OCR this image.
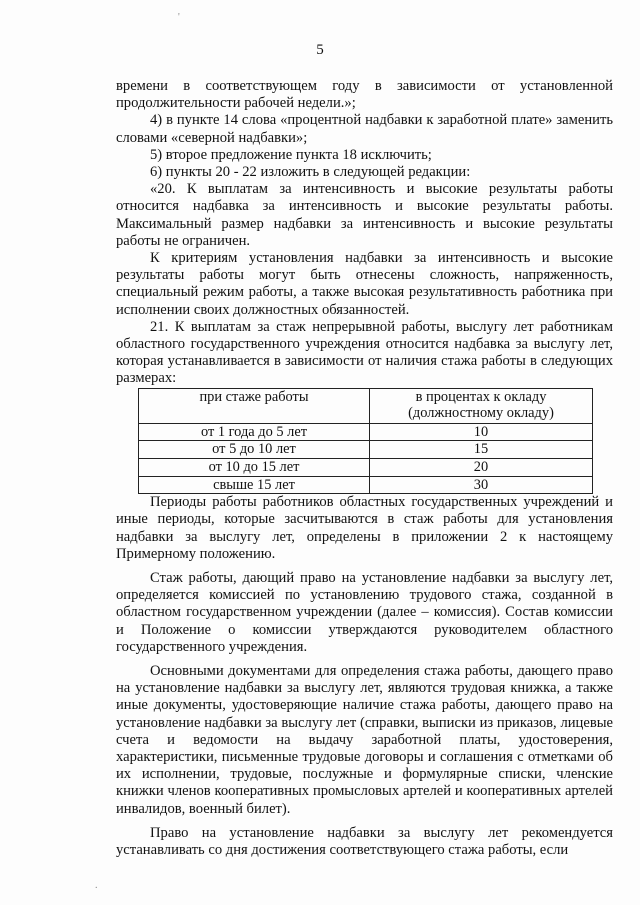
5

времени в соответствующем году в зависимости от установленной продолжительности рабочей недели.»;

4) в пункте 14 слова «процентной надбавки к заработной плате» заменить словами «северной надбавки»;

5) второе предложение пункта 18 исключить;

6) пункты 20 - 22 изложить в следующей редакции:

«20. К выплатам за интенсивность и высокие результаты работы относится надбавка за интенсивность и высокие результаты работы. Максимальный размер надбавки за интенсивность и высокие результаты работы не ограничен.

К критериям установления надбавки за интенсивность и высокие результаты работы могут быть отнесены сложность, напряженность, специальный режим работы, а также высокая результативность работника при исполнении своих должностных обязанностей.

21. К выплатам за стаж непрерывной работы, выслугу лет работникам областного государственного учреждения относится надбавка за выслугу лет, которая устанавливается в зависимости от наличия стажа работы в следующих размерах:

при стаже работы	в процентах к окладу (должностному окладу)
от 1 года до 5 лет	10
от 5 до 10 лет	15
от 10 до 15 лет	20
свыше 15 лет	30

Периоды работы работников областных государственных учреждений и иные периоды, которые засчитываются в стаж работы для установления надбавки за выслугу лет, определены в приложении 2 к настоящему Примерному положению.

Стаж работы, дающий право на установление надбавки за выслугу лет, определяется комиссией по установлению трудового стажа, созданной в областном государственном учреждении (далее – комиссия). Состав комиссии и Положение о комиссии утверждаются руководителем областного государственного учреждения.

Основными документами для определения стажа работы, дающего право на установление надбавки за выслугу лет, являются трудовая книжка, а также иные документы, удостоверяющие наличие стажа работы, дающего право на установление надбавки за выслугу лет (справки, выписки из приказов, лицевые счета и ведомости на выдачу заработной платы, удостоверения, характеристики, письменные трудовые договоры и соглашения с отметками об их исполнении, трудовые, послужные и формулярные списки, членские книжки членов кооперативных промысловых артелей и кооперативных артелей инвалидов, военный билет).

Право на установление надбавки за выслугу лет рекомендуется устанавливать со дня достижения соответствующего стажа работы, если

'
.
